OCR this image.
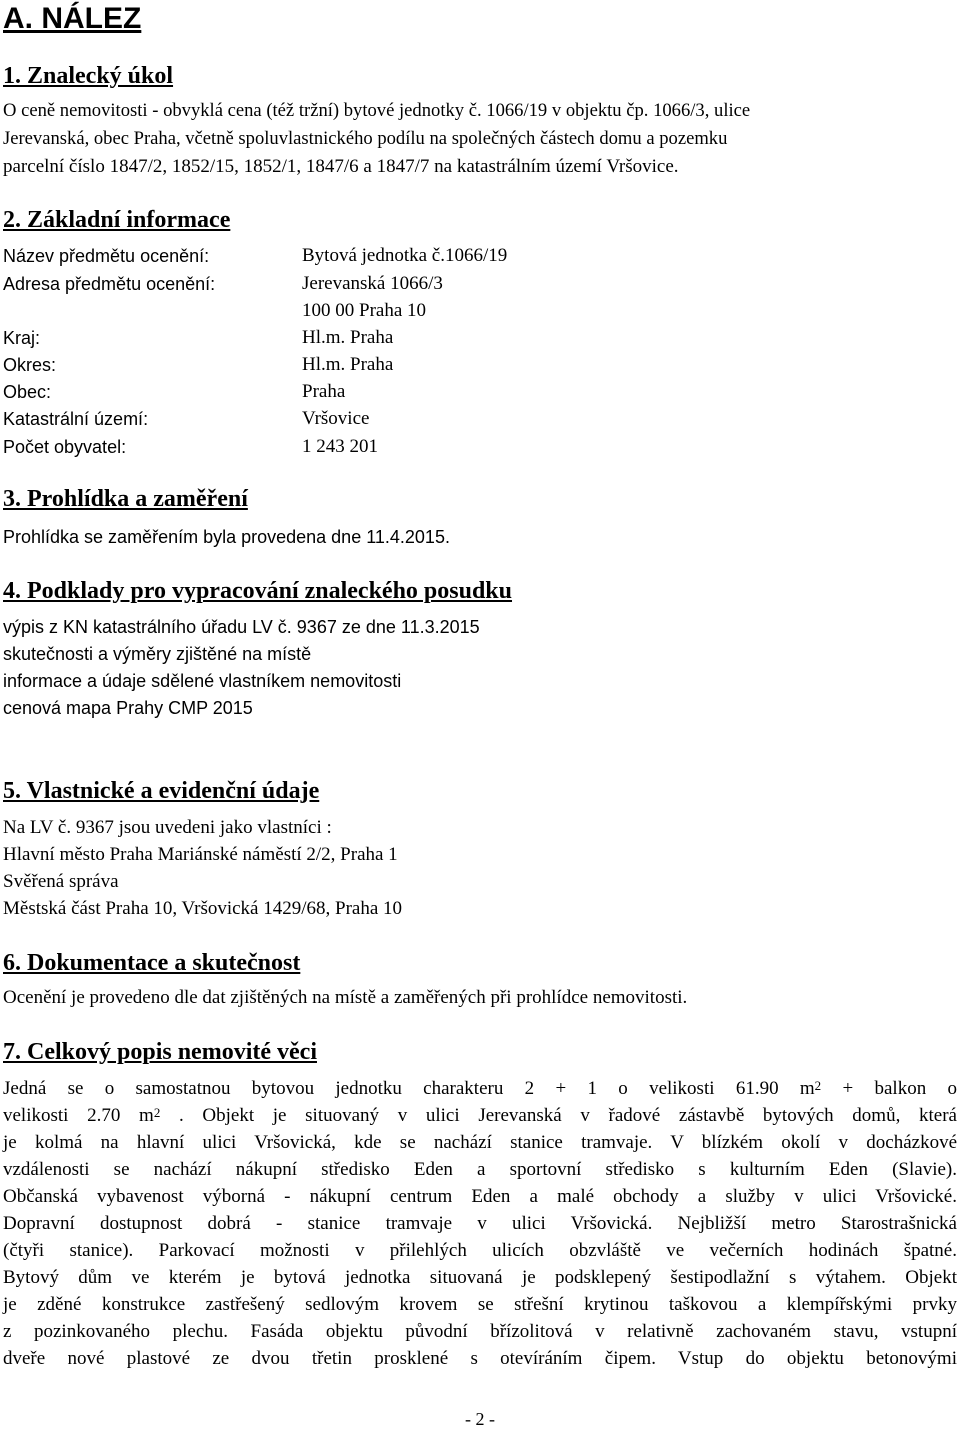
A. NÁLEZ
1. Znalecký úkol

O ceně nemovitosti - obvyklá cena (též tržní) bytové jednotky č. 1066/19 v objektu čp. 1066/3, ulice

Jerevanská, obec Praha, včetně spoluvlastnického podílu na společných částech domu a pozemku

parcelní číslo 1847/2, 1852/15, 1852/1, 1847/6 a 1847/7 na katastrálním území Vršovice.

2. Základní informace
Název předmětu ocenění:	Bytová jednotka č.1066/19
Adresa předmětu ocenění:	Jerevanská 1066/3
100 00 Praha 10
Kraj:	Hl.m. Praha
Okres:	Hl.m. Praha
Obec:	Praha
Katastrální území:	Vršovice
Počet obyvatel:	1 243 201
3. Prohlídka a zaměření

Prohlídka se zaměřením byla provedena dne 11.4.2015.

4. Podklady pro vypracování znaleckého posudku

výpis z KN katastrálního úřadu LV č. 9367 ze dne 11.3.2015

skutečnosti a výměry zjištěné na místě

informace a údaje sdělené vlastníkem nemovitosti

cenová mapa Prahy CMP 2015

5. Vlastnické a evidenční údaje

Na LV č. 9367 jsou uvedeni jako vlastníci :

Hlavní město Praha Mariánské náměstí 2/2, Praha 1

Svěřená správa

Městská část Praha 10, Vršovická 1429/68, Praha 10

6. Dokumentace a skutečnost

Ocenění je provedeno dle dat zjištěných na místě a zaměřených při prohlídce nemovitosti.

7. Celkový popis nemovité věci

Jedná se o samostatnou bytovou jednotku charakteru 2 + 1 o velikosti 61.90 $m^2$ + balkon o

velikosti 2.70 $m^2$ . Objekt je situovaný v ulici Jerevanská v řadové zástavbě bytových domů, která

je kolmá na hlavní ulici Vršovická, kde se nachází stanice tramvaje. V blízkém okolí v docházkové

vzdálenosti se nachází nákupní středisko Eden a sportovní středisko s kulturním Eden (Slavie).

Občanská vybavenost výborná - nákupní centrum Eden a malé obchody a služby v ulici Vršovické.

Dopravní dostupnost dobrá - stanice tramvaje v ulici Vršovická. Nejbližší metro Starostrašnická

(čtyři stanice). Parkovací možnosti v přilehlých ulicích obzvláště ve večerních hodinách špatné.

Bytový dům ve kterém je bytová jednotka situovaná je podsklepený šestipodlažní s výtahem. Objekt

je zděné konstrukce zastřešený sedlovým krovem se střešní krytinou taškovou a klempířskými prvky

z pozinkovaného plechu. Fasáda objektu původní břízolitová v relativně zachovaném stavu, vstupní

dveře nové plastové ze dvou třetin prosklené s otevíráním čipem. Vstup do objektu betonovými

- 2 -
